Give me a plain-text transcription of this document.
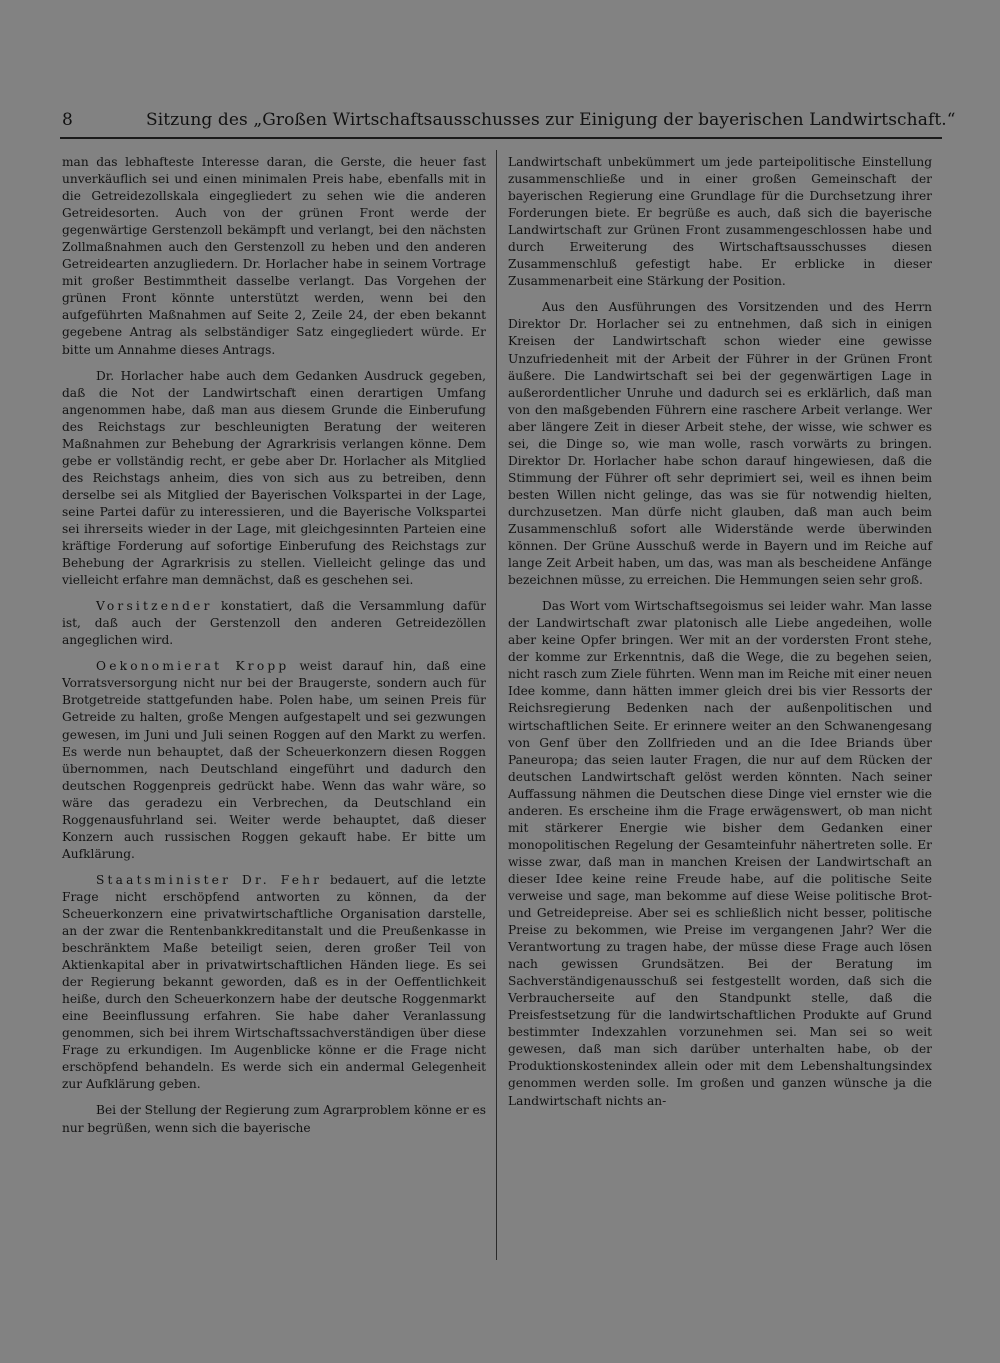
8	Sitzung des „Großen Wirtschaftsausschusses zur Einigung der bayerischen Landwirtschaft.“

man das lebhafteste Interesse daran, die Gerste, die heuer fast unverkäuflich sei und einen minimalen Preis habe, ebenfalls mit in die Getreidezollskala eingegliedert zu sehen wie die anderen Getreidesorten. Auch von der grünen Front werde der gegenwärtige Gerstenzoll bekämpft und verlangt, bei den nächsten Zollmaßnahmen auch den Gerstenzoll zu heben und den anderen Getreidearten anzugliedern. Dr. Horlacher habe in seinem Vortrage mit großer Bestimmtheit dasselbe verlangt. Das Vorgehen der grünen Front könnte unterstützt werden, wenn bei den aufgeführten Maßnahmen auf Seite 2, Zeile 24, der eben bekannt gegebene Antrag als selbständiger Satz eingegliedert würde. Er bitte um Annahme dieses Antrags.

Dr. Horlacher habe auch dem Gedanken Ausdruck gegeben, daß die Not der Landwirtschaft einen derartigen Umfang angenommen habe, daß man aus diesem Grunde die Einberufung des Reichstags zur beschleunigten Beratung der weiteren Maßnahmen zur Behebung der Agrarkrisis verlangen könne. Dem gebe er vollständig recht, er gebe aber Dr. Horlacher als Mitglied des Reichstags anheim, dies von sich aus zu betreiben, denn derselbe sei als Mitglied der Bayerischen Volkspartei in der Lage, seine Partei dafür zu interessieren, und die Bayerische Volkspartei sei ihrerseits wieder in der Lage, mit gleichgesinnten Parteien eine kräftige Forderung auf sofortige Einberufung des Reichstags zur Behebung der Agrarkrisis zu stellen. Vielleicht gelinge das und vielleicht erfahre man demnächst, daß es geschehen sei.

Vorsitzender konstatiert, daß die Versammlung dafür ist, daß auch der Gerstenzoll den anderen Getreidezöllen angeglichen wird.

Oekonomierat Kropp weist darauf hin, daß eine Vorratsversorgung nicht nur bei der Braugerste, sondern auch für Brotgetreide stattgefunden habe. Polen habe, um seinen Preis für Getreide zu halten, große Mengen aufgestapelt und sei gezwungen gewesen, im Juni und Juli seinen Roggen auf den Markt zu werfen. Es werde nun behauptet, daß der Scheuerkonzern diesen Roggen übernommen, nach Deutschland eingeführt und dadurch den deutschen Roggenpreis gedrückt habe. Wenn das wahr wäre, so wäre das geradezu ein Verbrechen, da Deutschland ein Roggenausfuhrland sei. Weiter werde behauptet, daß dieser Konzern auch russischen Roggen gekauft habe. Er bitte um Aufklärung.

Staatsminister Dr. Fehr bedauert, auf die letzte Frage nicht erschöpfend antworten zu können, da der Scheuerkonzern eine privatwirtschaftliche Organisation darstelle, an der zwar die Rentenbankkreditanstalt und die Preußenkasse in beschränktem Maße beteiligt seien, deren großer Teil von Aktienkapital aber in privatwirtschaftlichen Händen liege. Es sei der Regierung bekannt geworden, daß es in der Oeffentlichkeit heiße, durch den Scheuerkonzern habe der deutsche Roggenmarkt eine Beeinflussung erfahren. Sie habe daher Veranlassung genommen, sich bei ihrem Wirtschaftssachverständigen über diese Frage zu erkundigen. Im Augenblicke könne er die Frage nicht erschöpfend behandeln. Es werde sich ein andermal Gelegenheit zur Aufklärung geben.

Bei der Stellung der Regierung zum Agrarproblem könne er es nur begrüßen, wenn sich die bayerische

Landwirtschaft unbekümmert um jede parteipolitische Einstellung zusammenschließe und in einer großen Gemeinschaft der bayerischen Regierung eine Grundlage für die Durchsetzung ihrer Forderungen biete. Er begrüße es auch, daß sich die bayerische Landwirtschaft zur Grünen Front zusammengeschlossen habe und durch Erweiterung des Wirtschaftsausschusses diesen Zusammenschluß gefestigt habe. Er erblicke in dieser Zusammenarbeit eine Stärkung der Position.

Aus den Ausführungen des Vorsitzenden und des Herrn Direktor Dr. Horlacher sei zu entnehmen, daß sich in einigen Kreisen der Landwirtschaft schon wieder eine gewisse Unzufriedenheit mit der Arbeit der Führer in der Grünen Front äußere. Die Landwirtschaft sei bei der gegenwärtigen Lage in außerordentlicher Unruhe und dadurch sei es erklärlich, daß man von den maßgebenden Führern eine raschere Arbeit verlange. Wer aber längere Zeit in dieser Arbeit stehe, der wisse, wie schwer es sei, die Dinge so, wie man wolle, rasch vorwärts zu bringen. Direktor Dr. Horlacher habe schon darauf hingewiesen, daß die Stimmung der Führer oft sehr deprimiert sei, weil es ihnen beim besten Willen nicht gelinge, das was sie für notwendig hielten, durchzusetzen. Man dürfe nicht glauben, daß man auch beim Zusammenschluß sofort alle Widerstände werde überwinden können. Der Grüne Ausschuß werde in Bayern und im Reiche auf lange Zeit Arbeit haben, um das, was man als bescheidene Anfänge bezeichnen müsse, zu erreichen. Die Hemmungen seien sehr groß.

Das Wort vom Wirtschaftsegoismus sei leider wahr. Man lasse der Landwirtschaft zwar platonisch alle Liebe angedeihen, wolle aber keine Opfer bringen. Wer mit an der vordersten Front stehe, der komme zur Erkenntnis, daß die Wege, die zu begehen seien, nicht rasch zum Ziele führten. Wenn man im Reiche mit einer neuen Idee komme, dann hätten immer gleich drei bis vier Ressorts der Reichsregierung Bedenken nach der außenpolitischen und wirtschaftlichen Seite. Er erinnere weiter an den Schwanengesang von Genf über den Zollfrieden und an die Idee Briands über Paneuropa; das seien lauter Fragen, die nur auf dem Rücken der deutschen Landwirtschaft gelöst werden könnten. Nach seiner Auffassung nähmen die Deutschen diese Dinge viel ernster wie die anderen. Es erscheine ihm die Frage erwägenswert, ob man nicht mit stärkerer Energie wie bisher dem Gedanken einer monopolitischen Regelung der Gesamteinfuhr nähertreten solle. Er wisse zwar, daß man in manchen Kreisen der Landwirtschaft an dieser Idee keine reine Freude habe, auf die politische Seite verweise und sage, man bekomme auf diese Weise politische Brot- und Getreidepreise. Aber sei es schließlich nicht besser, politische Preise zu bekommen, wie Preise im vergangenen Jahr? Wer die Verantwortung zu tragen habe, der müsse diese Frage auch lösen nach gewissen Grundsätzen. Bei der Beratung im Sachverständigenausschuß sei festgestellt worden, daß sich die Verbraucherseite auf den Standpunkt stelle, daß die Preisfestsetzung für die landwirtschaftlichen Produkte auf Grund bestimmter Indexzahlen vorzunehmen sei. Man sei so weit gewesen, daß man sich darüber unterhalten habe, ob der Produktionskostenindex allein oder mit dem Lebenshaltungsindex genommen werden solle. Im großen und ganzen wünsche ja die Landwirtschaft nichts an-
